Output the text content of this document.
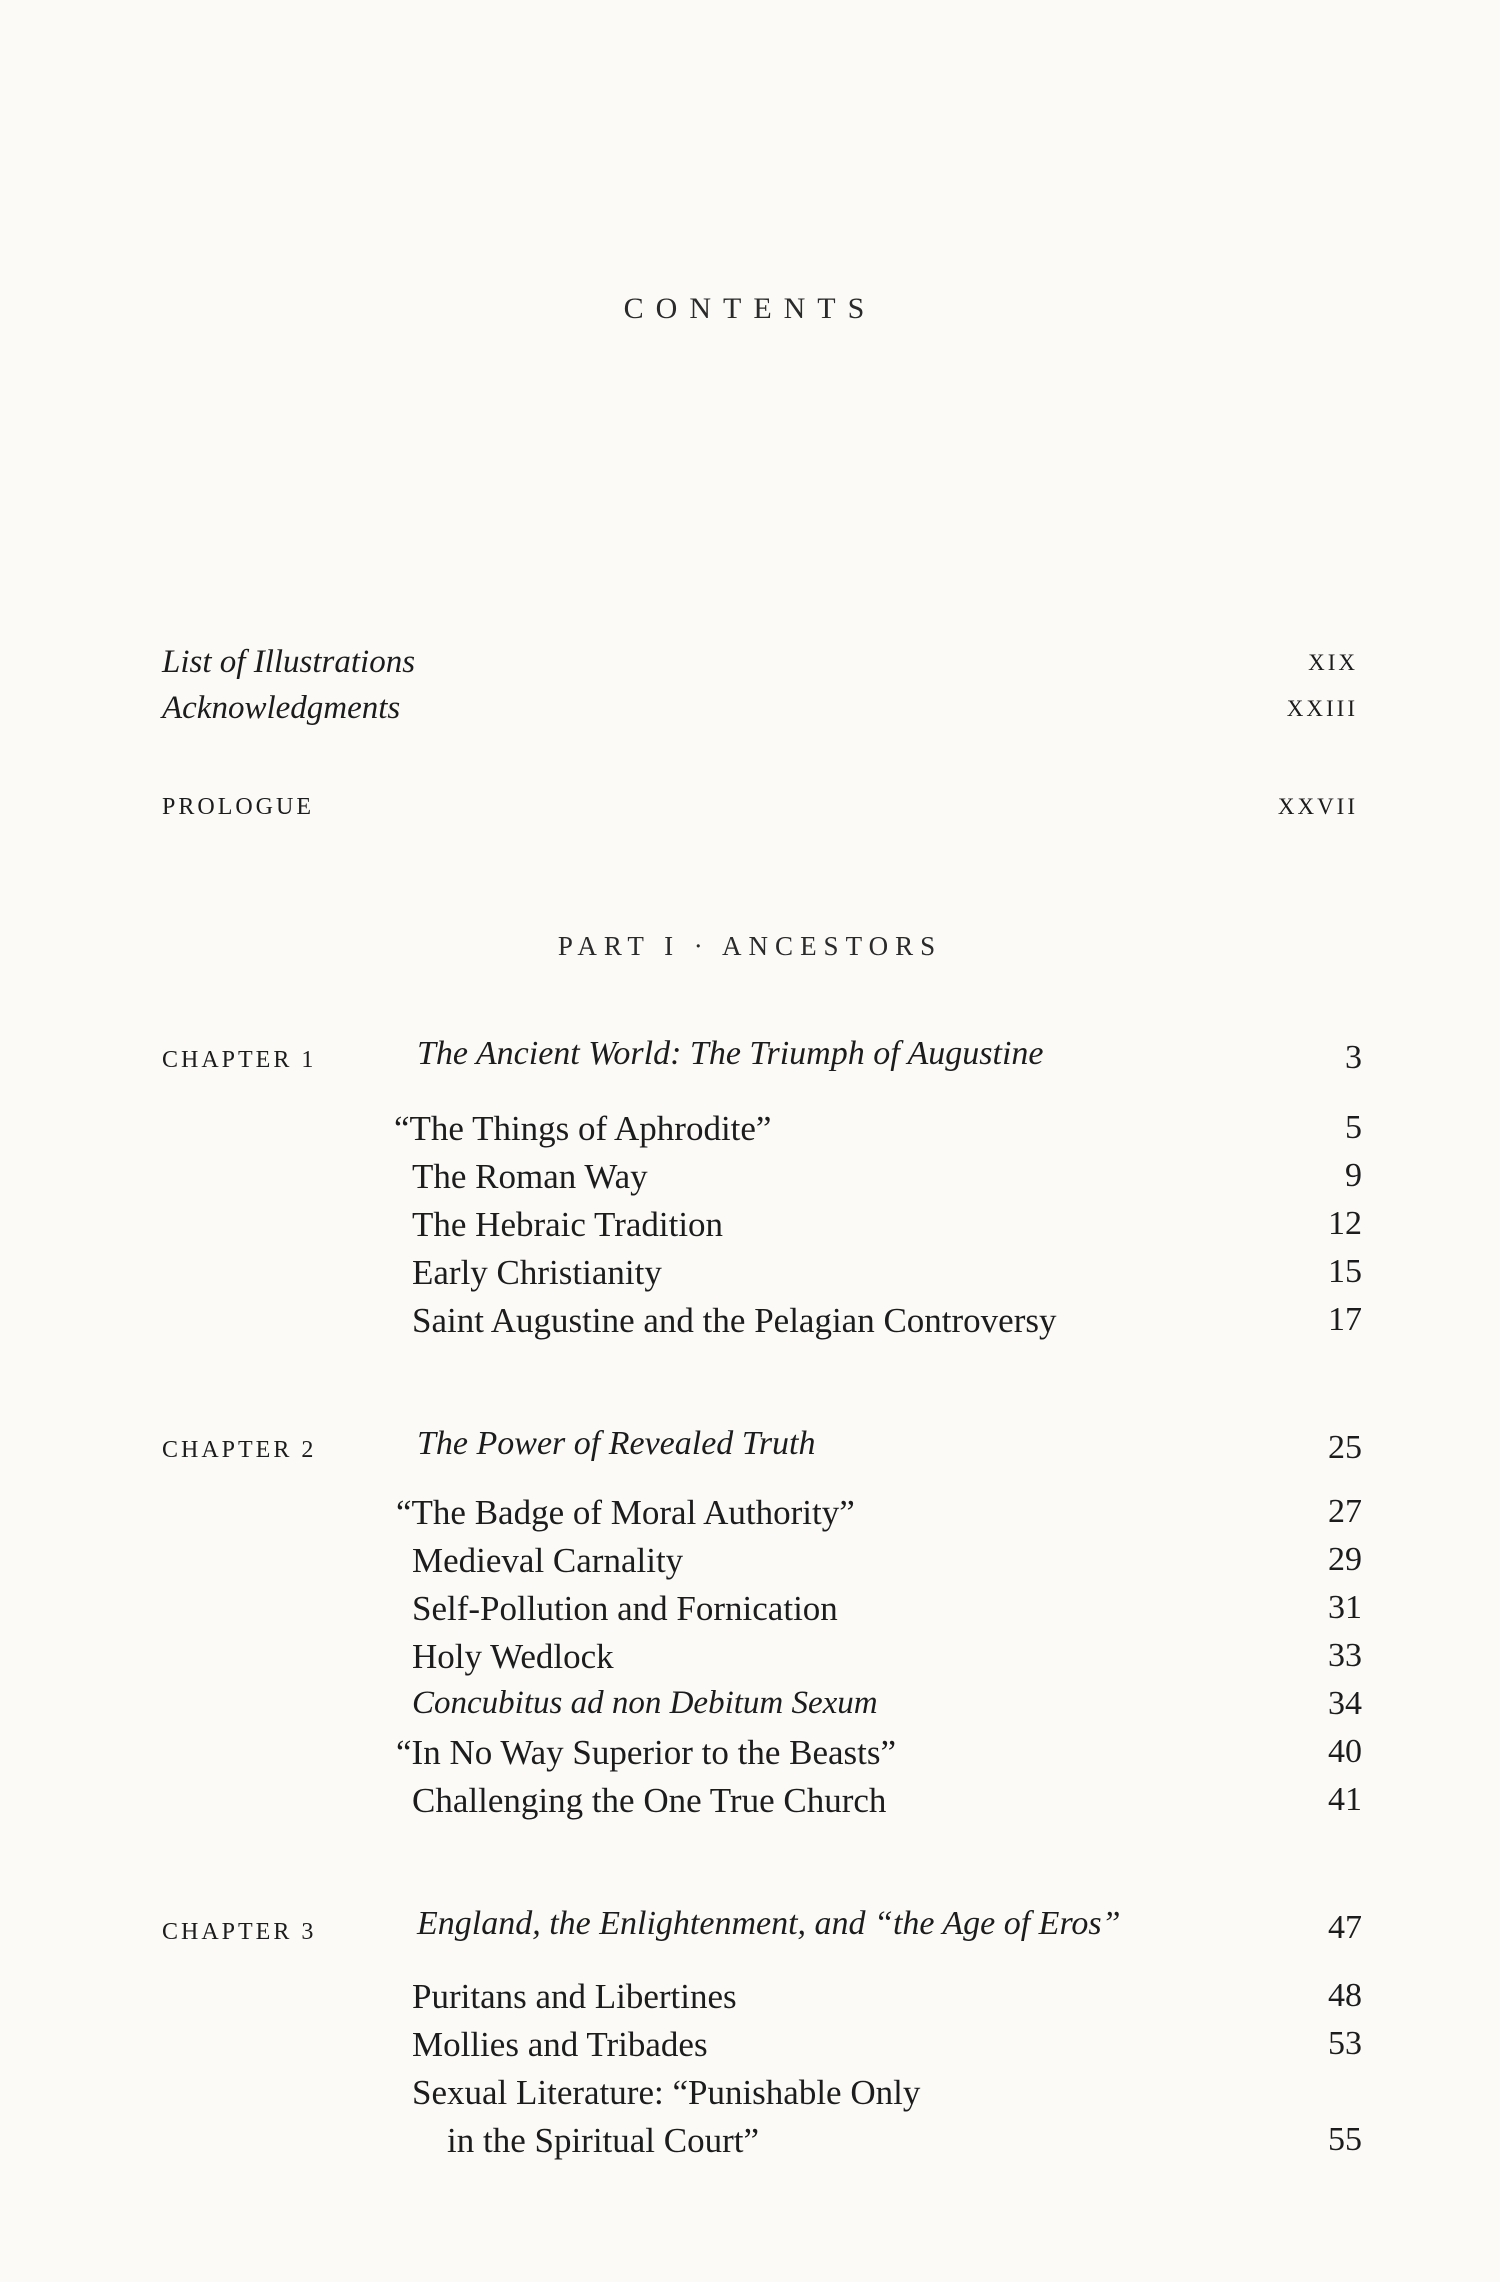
CONTENTS
List of Illustrations	XIX
Acknowledgments	XXIII
PROLOGUE	XXVII
PART I · ANCESTORS
CHAPTER 1	The Ancient World: The Triumph of Augustine	3
“The Things of Aphrodite”	5
The Roman Way	9
The Hebraic Tradition	12
Early Christianity	15
Saint Augustine and the Pelagian Controversy	17
CHAPTER 2	The Power of Revealed Truth	25
“The Badge of Moral Authority”	27
Medieval Carnality	29
Self-Pollution and Fornication	31
Holy Wedlock	33
Concubitus ad non Debitum Sexum	34
“In No Way Superior to the Beasts”	40
Challenging the One True Church	41
CHAPTER 3	England, the Enlightenment, and “the Age of Eros”	47
Puritans and Libertines	48
Mollies and Tribades	53
Sexual Literature: “Punishable Only
in the Spiritual Court”	55
